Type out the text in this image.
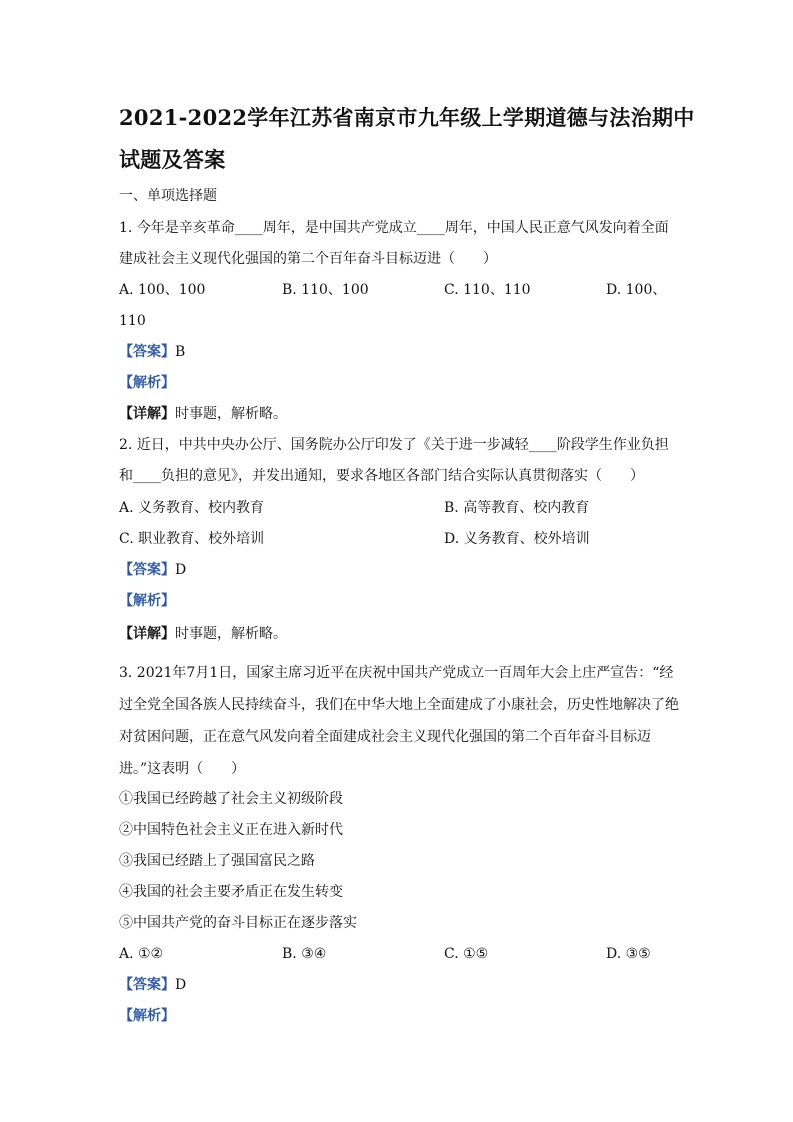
2021-2022学年江苏省南京市九年级上学期道德与法治期中
试题及答案
一、单项选择题
1. 今年是辛亥革命____周年，是中国共产党成立____周年，中国人民正意气风发向着全面
建成社会主义现代化强国的第二个百年奋斗目标迈进（　　）
A. 100、100	B. 110、100	C. 110、110	D. 100、
110
【答案】B
【解析】
【详解】时事题，解析略。
2. 近日，中共中央办公厅、国务院办公厅印发了《关于进一步减轻____阶段学生作业负担
和____负担的意见》，并发出通知，要求各地区各部门结合实际认真贯彻落实（　　）
A. 义务教育、校内教育	B. 高等教育、校内教育
C. 职业教育、校外培训	D. 义务教育、校外培训
【答案】D
【解析】
【详解】时事题，解析略。
3. 2021年7月1日，国家主席习近平在庆祝中国共产党成立一百周年大会上庄严宣告：“经
过全党全国各族人民持续奋斗，我们在中华大地上全面建成了小康社会，历史性地解决了绝
对贫困问题，正在意气风发向着全面建成社会主义现代化强国的第二个百年奋斗目标迈
进。”这表明（　　）
①我国已经跨越了社会主义初级阶段
②中国特色社会主义正在进入新时代
③我国已经踏上了强国富民之路
④我国的社会主要矛盾正在发生转变
⑤中国共产党的奋斗目标正在逐步落实
A. ①②	B. ③④	C. ①⑤	D. ③⑤
【答案】D
【解析】
